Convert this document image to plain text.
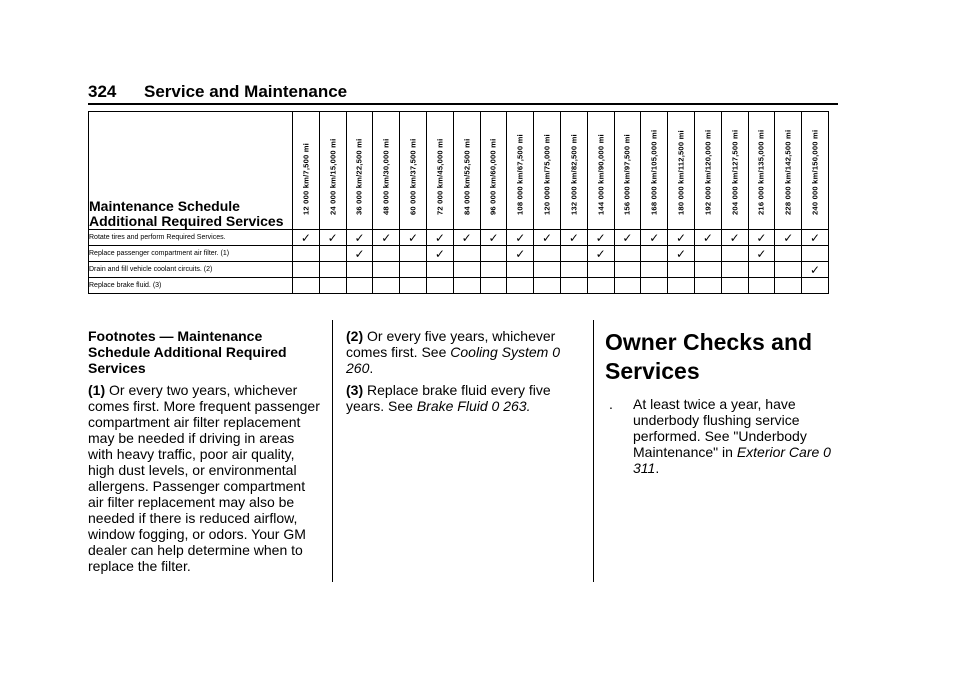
324 Service and Maintenance
Maintenance Schedule Additional Required Services	12 000 km/7,500 mi	24 000 km/15,000 mi	36 000 km/22,500 mi	48 000 km/30,000 mi	60 000 km/37,500 mi	72 000 km/45,000 mi	84 000 km/52,500 mi	96 000 km/60,000 mi	108 000 km/67,500 mi	120 000 km/75,000 mi	132 000 km/82,500 mi	144 000 km/90,000 mi	156 000 km/97,500 mi	168 000 km/105,000 mi	180 000 km/112,500 mi	192 000 km/120,000 mi	204 000 km/127,500 mi	216 000 km/135,000 mi	228 000 km/142,500 mi	240 000 km/150,000 mi

Rotate tires and perform Required Services.	✓	✓	✓	✓	✓	✓	✓	✓	✓	✓	✓	✓	✓	✓	✓	✓	✓	✓	✓	✓
Replace passenger compartment air filter. (1)			✓			✓			✓			✓			✓			✓		
Drain and fill vehicle coolant circuits. (2)																				✓
Replace brake fluid. (3)																				
Footnotes — Maintenance Schedule Additional Required Services

(1) Or every two years, whichever comes first. More frequent passenger compartment air filter replacement may be needed if driving in areas with heavy traffic, poor air quality, high dust levels, or environmental allergens. Passenger compartment air filter replacement may also be needed if there is reduced airflow, window fogging, or odors. Your GM dealer can help determine when to replace the filter.

(2) Or every five years, whichever comes first. See Cooling System 0 260.

(3) Replace brake fluid every five years. See Brake Fluid 0 263.

Owner Checks and Services
.	At least twice a year, have underbody flushing service performed. See "Underbody Maintenance" in Exterior Care 0 311.
